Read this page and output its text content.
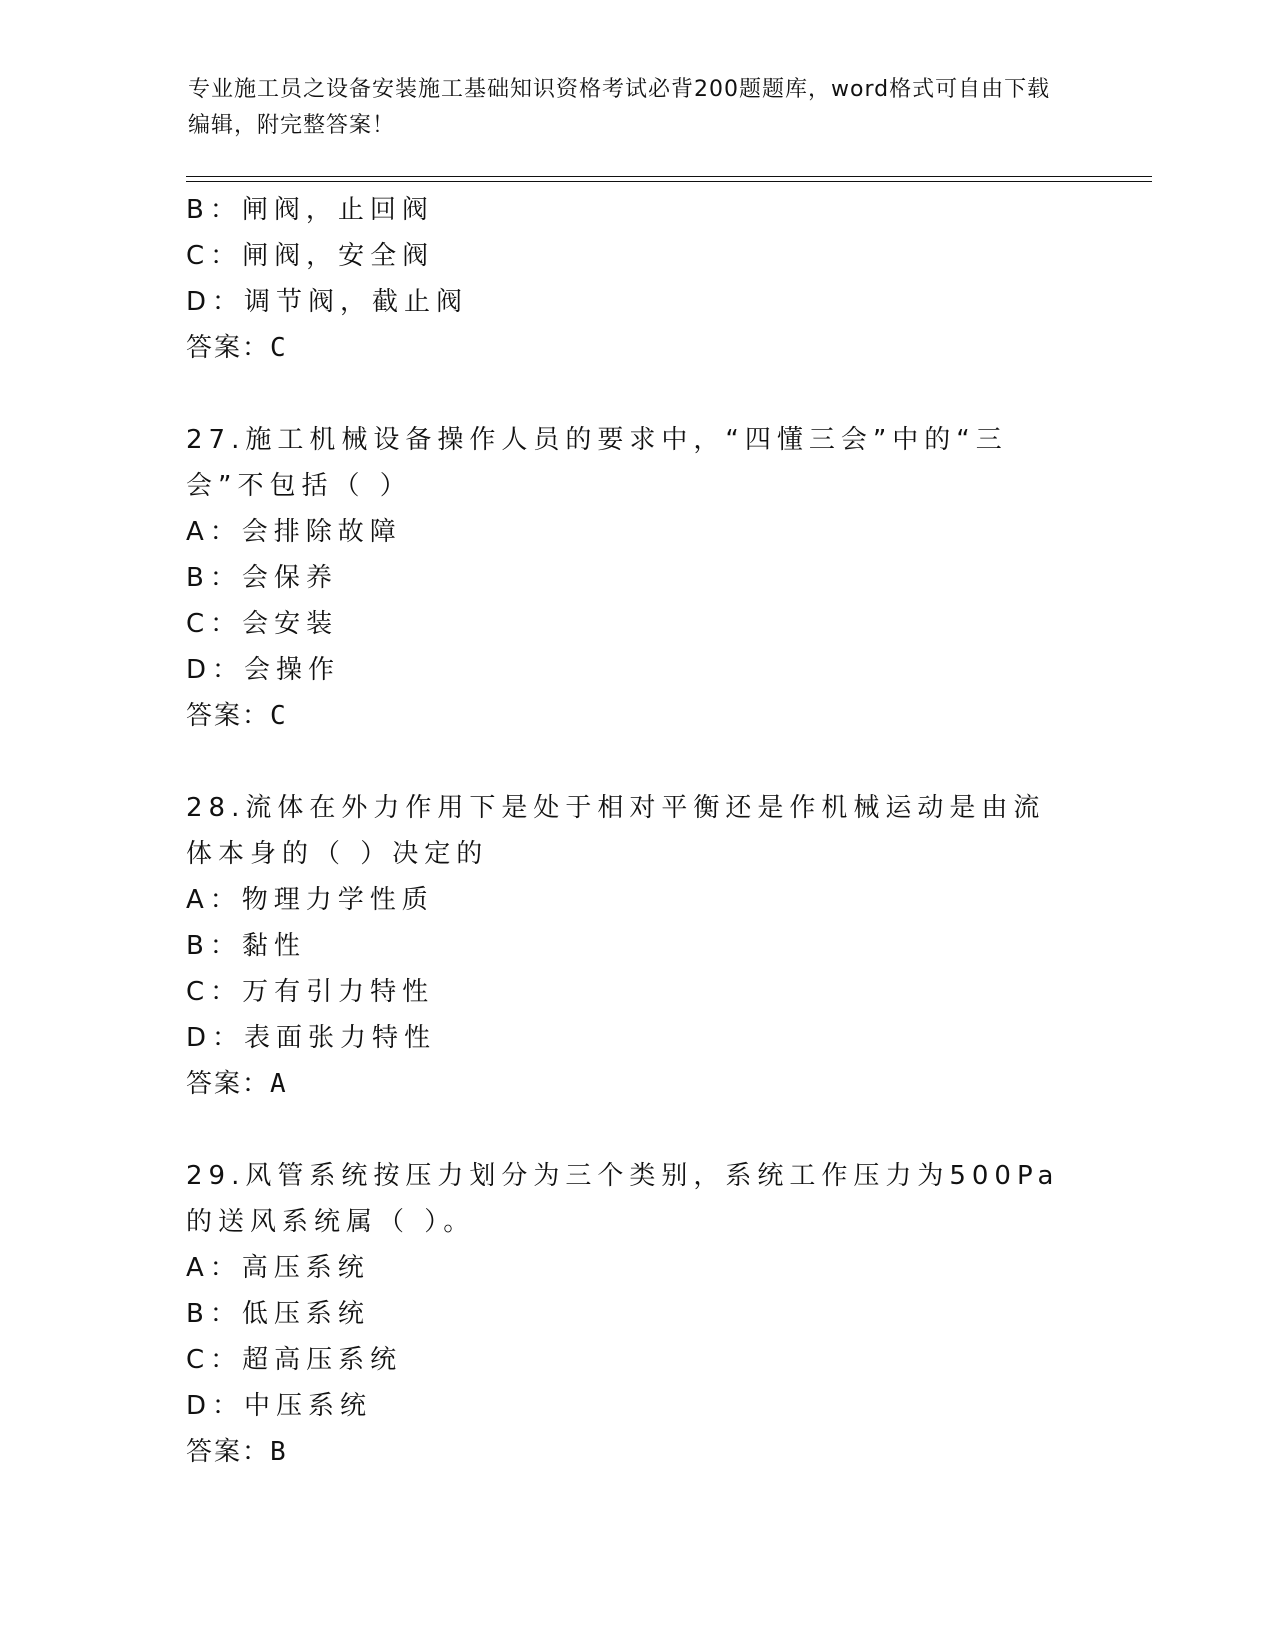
专业施工员之设备安装施工基础知识资格考试必背200题题库，word格式可自由下载编辑，附完整答案！
B：闸阀，止回阀
C：闸阀，安全阀
D：调节阀，截止阀
答案：C
27.施工机械设备操作人员的要求中，“四懂三会”中的“三会”不包括（ ）
A：会排除故障
B：会保养
C：会安装
D：会操作
答案：C
28.流体在外力作用下是处于相对平衡还是作机械运动是由流体本身的（ ）决定的
A：物理力学性质
B：黏性
C：万有引力特性
D：表面张力特性
答案：A
29.风管系统按压力划分为三个类别，系统工作压力为500Pa的送风系统属（ ）。
A：高压系统
B：低压系统
C：超高压系统
D：中压系统
答案：B
